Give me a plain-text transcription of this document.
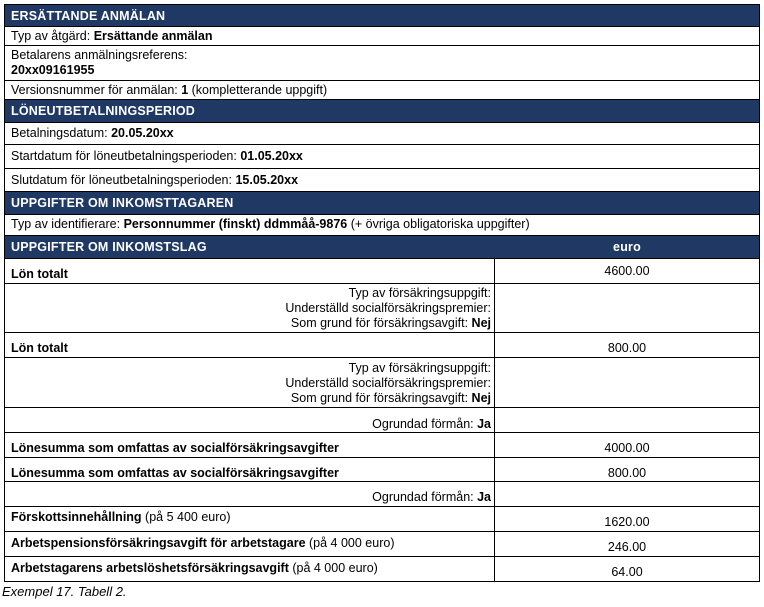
ERSÄTTANDE ANMÄLAN
Typ av åtgärd: Ersättande anmälan
Betalarens anmälningsreferens:
20xx09161955
Versionsnummer för anmälan: 1 (kompletterande uppgift)
LÖNEUTBETALNINGSPERIOD
Betalningsdatum: 20.05.20xx
Startdatum för löneutbetalningsperioden: 01.05.20xx
Slutdatum för löneutbetalningsperioden: 15.05.20xx
UPPGIFTER OM INKOMSTTAGAREN
Typ av identifierare: Personnummer (finskt) ddmmåå-9876 (+ övriga obligatoriska uppgifter)
UPPGIFTER OM INKOMSTSLAG	euro
Lön totalt	4600.00
Typ av försäkringsuppgift:
Underställd socialförsäkringspremier:
Som grund för försäkringsavgift: Nej
Lön totalt	800.00
Typ av försäkringsuppgift:
Underställd socialförsäkringspremier:
Som grund för försäkringsavgift: Nej
Ogrundad förmån: Ja
Lönesumma som omfattas av socialförsäkringsavgifter	4000.00
Lönesumma som omfattas av socialförsäkringsavgifter	800.00
Ogrundad förmån: Ja
Förskottsinnehållning (på 5 400 euro)	1620.00
Arbetspensionsförsäkringsavgift för arbetstagare (på 4 000 euro)	246.00
Arbetstagarens arbetslöshetsförsäkringsavgift (på 4 000 euro)	64.00
Exempel 17. Tabell 2.
